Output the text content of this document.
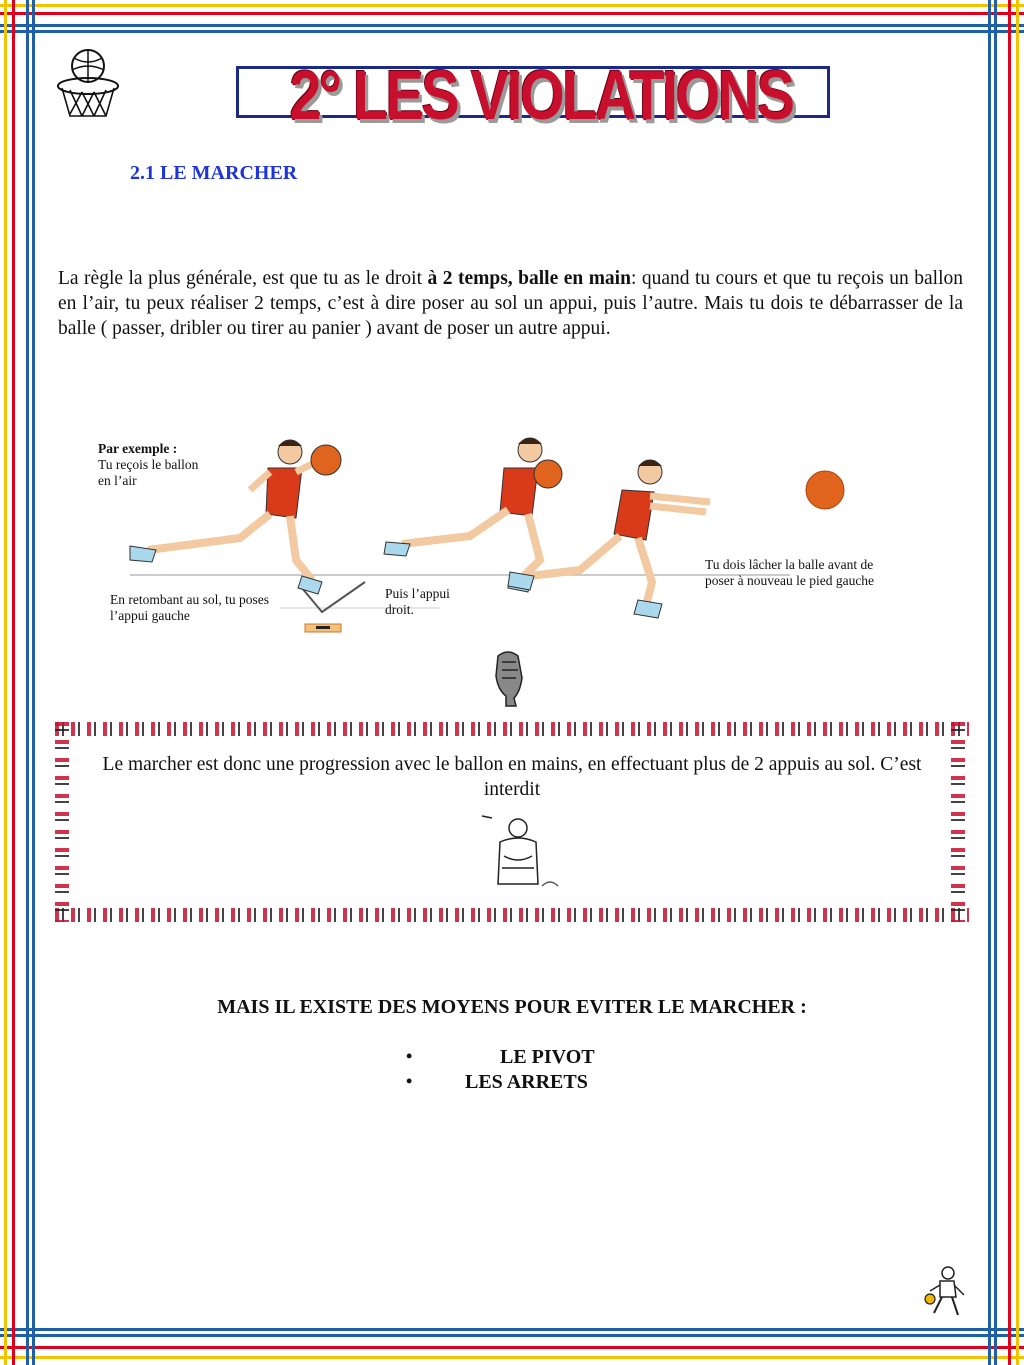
2° LES VIOLATIONS
2.1 LE MARCHER

La règle la plus générale, est que tu as le droit à 2 temps, balle en main: quand tu cours et que tu reçois un ballon en l’air, tu peux réaliser 2 temps, c’est à dire poser au sol un appui, puis l’autre. Mais tu dois te débarrasser de la balle ( passer, dribler ou tirer au panier ) avant de poser un autre appui.

Par exemple :
Tu reçois le ballon en l’air
En retombant au sol, tu poses l’appui gauche
Puis l’appui droit.
Tu dois lâcher la balle avant de poser à nouveau le pied gauche
Le marcher est donc une progression avec le ballon en mains, en effectuant plus de 2 appuis au sol. C’est interdit
MAIS IL EXISTE DES MOYENS POUR EVITER LE MARCHER :
•	LE PIVOT
•	LES ARRETS
